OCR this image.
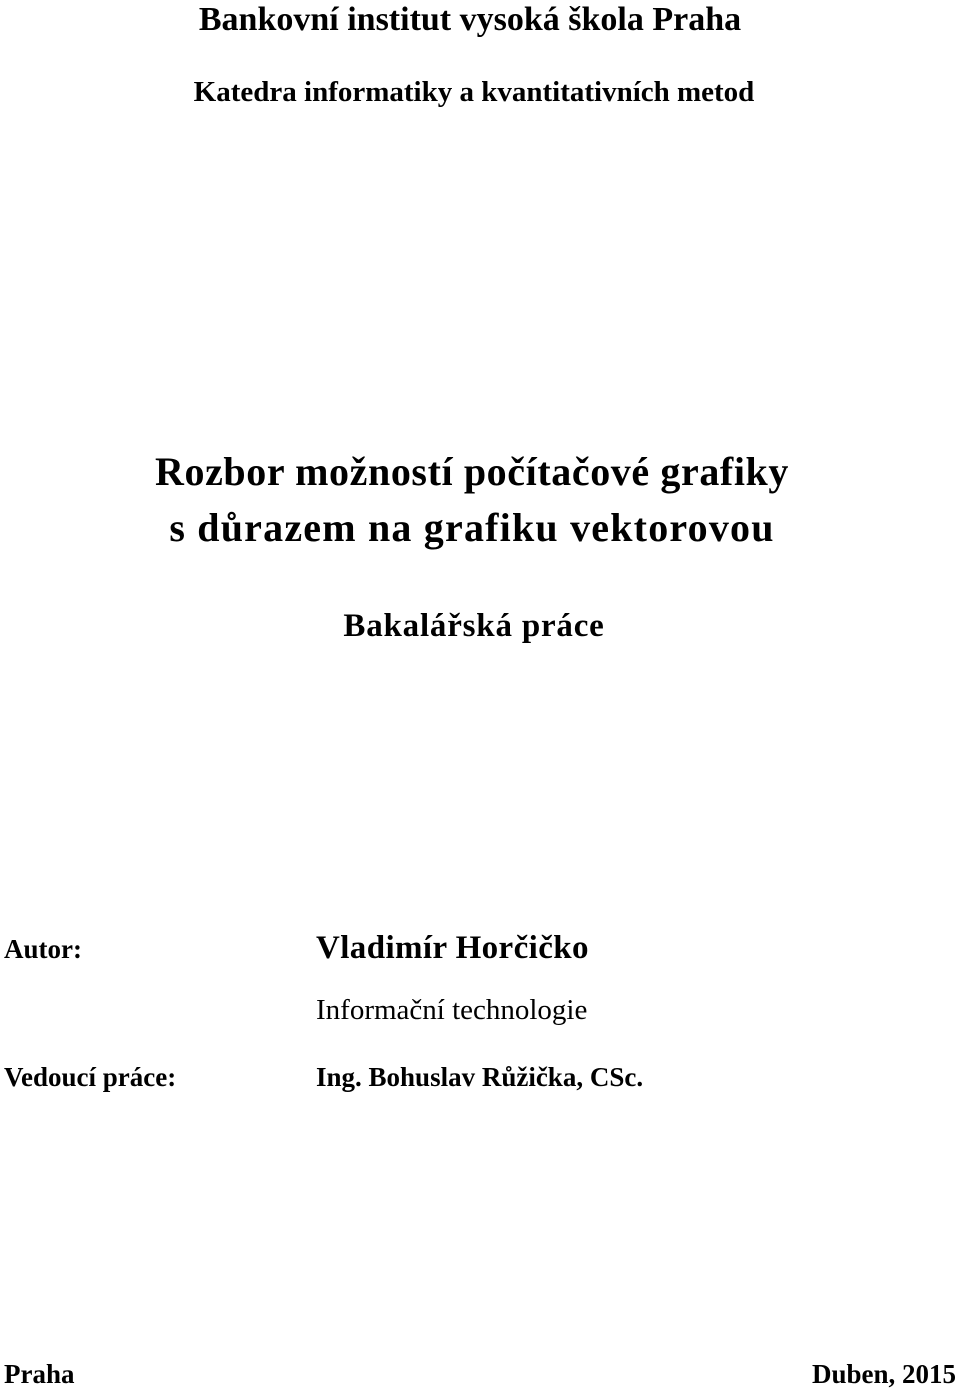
Bankovní institut vysoká škola Praha
Katedra informatiky a kvantitativních metod
Rozbor možností počítačové grafiky
s důrazem na grafiku vektorovou
Bakalářská práce
Autor:	Vladimír Horčičko
Informační technologie
Vedoucí práce:	Ing. Bohuslav Růžička, CSc.
Praha	Duben, 2015
